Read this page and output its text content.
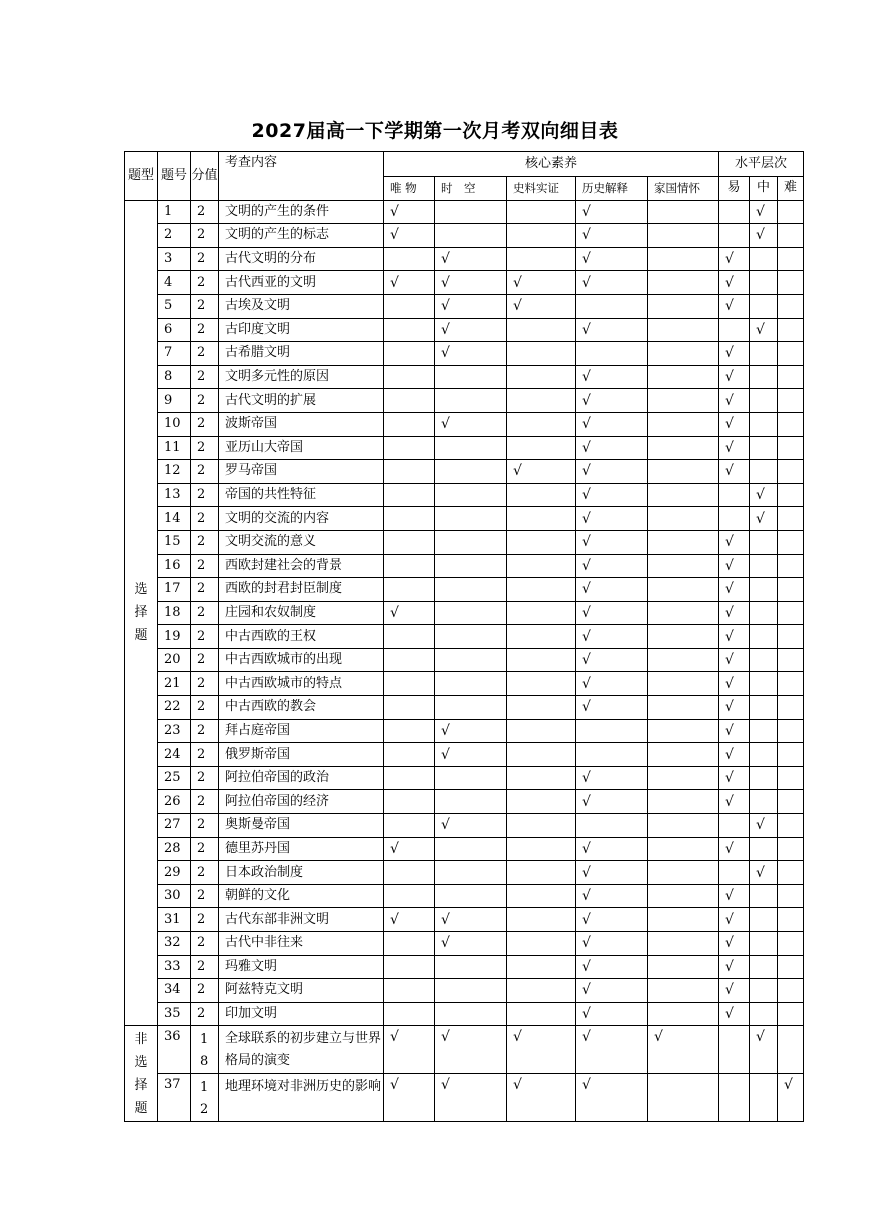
2027届高一下学期第一次月考双向细目表
题型	题号	分值	考查内容	核心素养					水平层次		
				唯 物	时　空	史料实证	历史解释	家国情怀	易	中	难
选择题	1	2	文明的产生的条件	√			√			√	
	2	2	文明的产生的标志	√			√			√	
	3	2	古代文明的分布		√		√		√		
	4	2	古代西亚的文明	√	√	√	√		√		
	5	2	古埃及文明		√	√			√		
	6	2	古印度文明		√		√			√	
	7	2	古希腊文明		√				√		
	8	2	文明多元性的原因				√		√		
	9	2	古代文明的扩展				√		√		
	10	2	波斯帝国		√		√		√		
	11	2	亚历山大帝国				√		√		
	12	2	罗马帝国			√	√		√		
	13	2	帝国的共性特征				√			√	
	14	2	文明的交流的内容				√			√	
	15	2	文明交流的意义				√		√		
	16	2	西欧封建社会的背景				√		√		
	17	2	西欧的封君封臣制度				√		√		
	18	2	庄园和农奴制度	√			√		√		
	19	2	中古西欧的王权				√		√		
	20	2	中古西欧城市的出现				√		√		
	21	2	中古西欧城市的特点				√		√		
	22	2	中古西欧的教会				√		√		
	23	2	拜占庭帝国		√				√		
	24	2	俄罗斯帝国		√				√		
	25	2	阿拉伯帝国的政治				√		√		
	26	2	阿拉伯帝国的经济				√		√		
	27	2	奥斯曼帝国		√					√	
	28	2	德里苏丹国	√			√		√		
	29	2	日本政治制度				√			√	
	30	2	朝鲜的文化				√		√		
	31	2	古代东部非洲文明	√	√		√		√		
	32	2	古代中非往来		√		√		√		
	33	2	玛雅文明				√		√		
	34	2	阿兹特克文明				√		√		
	35	2	印加文明				√		√		
非选择题	36	18	全球联系的初步建立与世界格局的演变	√	√	√	√	√		√	
	37	12	地理环境对非洲历史的影响	√	√	√	√				√
